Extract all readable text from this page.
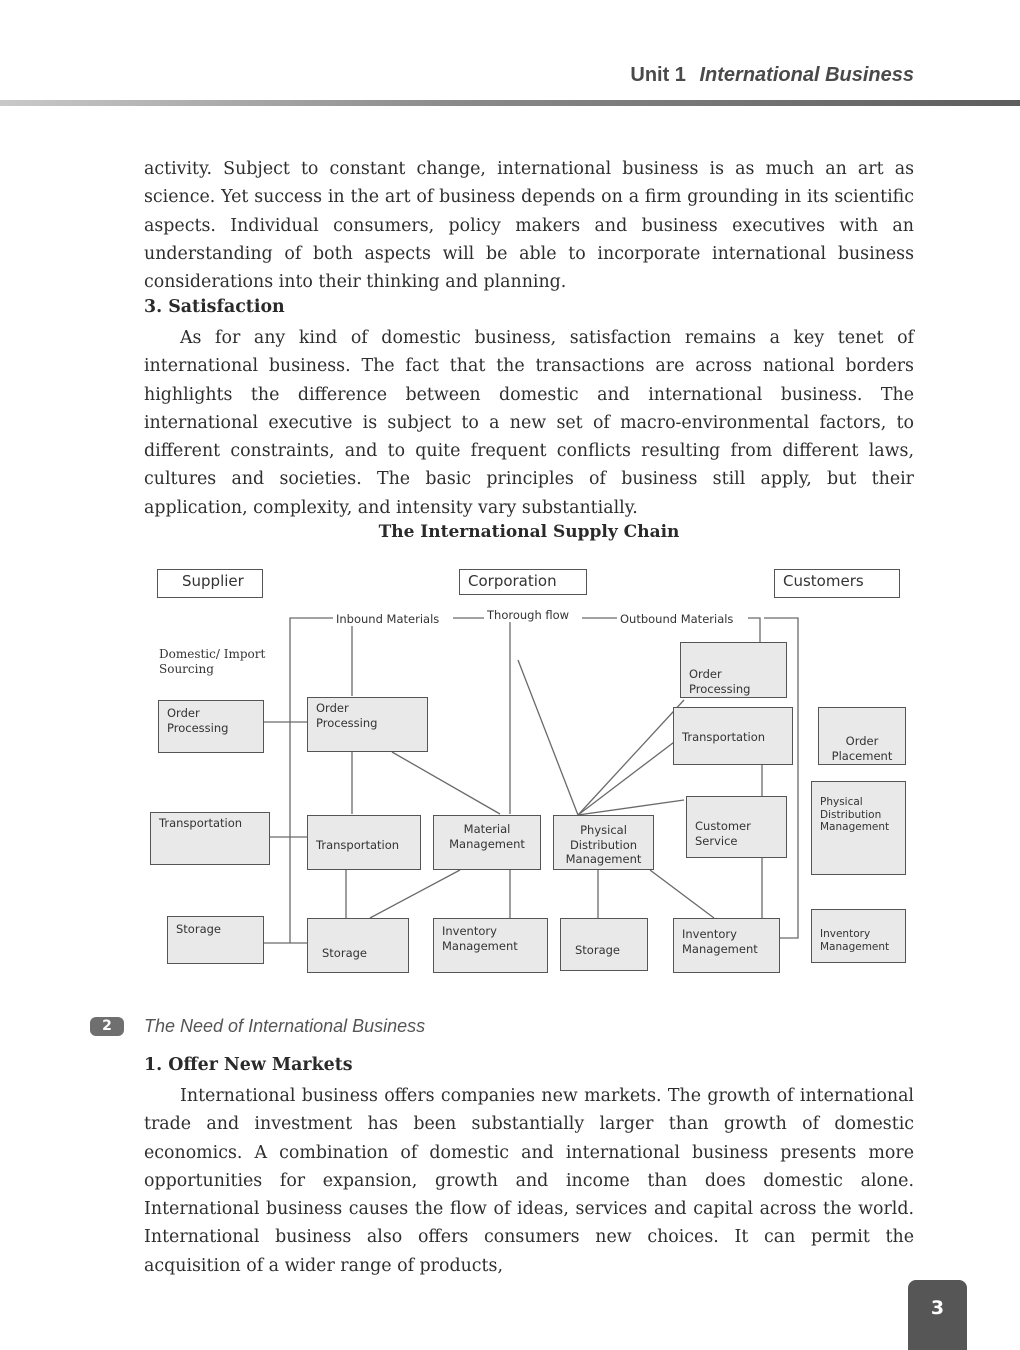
Unit 1 International Business

activity. Subject to constant change, international business is as much an art as science. Yet success in the art of business depends on a firm grounding in its scientific aspects. Individual consumers, policy makers and business executives with an understanding of both aspects will be able to incorporate international business considerations into their thinking and planning.

3. Satisfaction

As for any kind of domestic business, satisfaction remains a key tenet of international business. The fact that the transactions are across national borders highlights the difference between domestic and international business. The international executive is subject to a new set of macro-environmental factors, to different constraints, and to quite frequent conflicts resulting from different laws, cultures and societies. The basic principles of business still apply, but their application, complexity, and intensity vary substantially.

The International Supply Chain
Supplier	Corporation	Customers
Inbound Materials	Thorough flow	Outbound Materials
Domestic/ Import
Sourcing
Order
Processing
Transportation
Storage
Order
Processing
Transportation
Storage
Material
Management
Inventory
Management
Physical
Distribution
Management
Storage
Order
Processing
Transportation
Customer
Service
Inventory
Management
Order
Placement
Physical
Distribution
Management
Inventory
Management
2	The Need of International Business
1. Offer New Markets

International business offers companies new markets. The growth of international trade and investment has been substantially larger than growth of domestic economics. A combination of domestic and international business presents more opportunities for expansion, growth and income than does domestic alone. International business causes the flow of ideas, services and capital across the world. International business also offers consumers new choices. It can permit the acquisition of a wider range of products,

3
